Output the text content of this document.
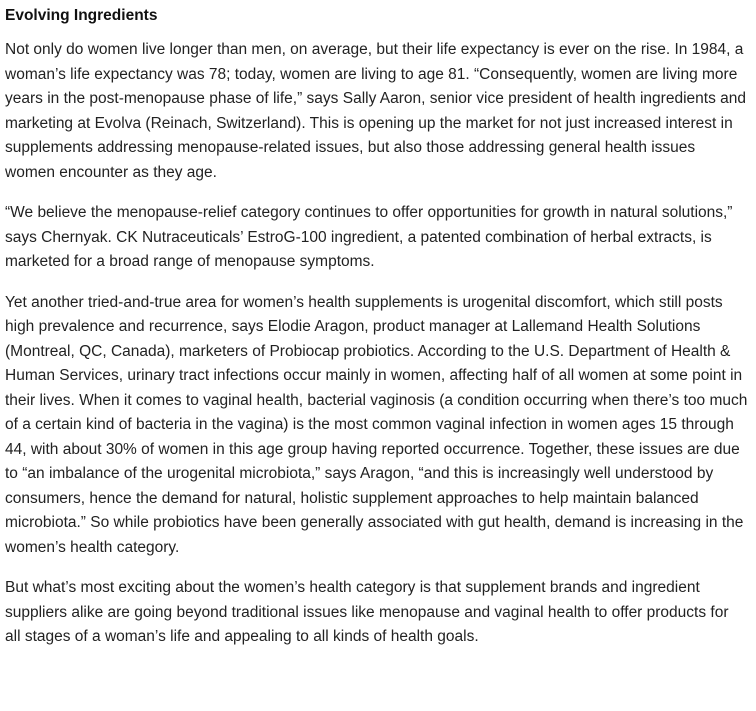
Evolving Ingredients

Not only do women live longer than men, on average, but their life expectancy is ever on the rise. In 1984, a woman’s life expectancy was 78; today, women are living to age 81. “Consequently, women are living more years in the post-menopause phase of life,” says Sally Aaron, senior vice president of health ingredients and marketing at Evolva (Reinach, Switzerland). This is opening up the market for not just increased interest in supplements addressing menopause-related issues, but also those addressing general health issues women encounter as they age.

“We believe the menopause-relief category continues to offer opportunities for growth in natural solutions,” says Chernyak. CK Nutraceuticals’ EstroG-100 ingredient, a patented combination of herbal extracts, is marketed for a broad range of menopause symptoms.

Yet another tried-and-true area for women’s health supplements is urogenital discomfort, which still posts high prevalence and recurrence, says Elodie Aragon, product manager at Lallemand Health Solutions (Montreal, QC, Canada), marketers of Probiocap probiotics. According to the U.S. Department of Health & Human Services, urinary tract infections occur mainly in women, affecting half of all women at some point in their lives. When it comes to vaginal health, bacterial vaginosis (a condition occurring when there’s too much of a certain kind of bacteria in the vagina) is the most common vaginal infection in women ages 15 through 44, with about 30% of women in this age group having reported occurrence. Together, these issues are due to “an imbalance of the urogenital microbiota,” says Aragon, “and this is increasingly well understood by consumers, hence the demand for natural, holistic supplement approaches to help maintain balanced microbiota.” So while probiotics have been generally associated with gut health, demand is increasing in the women’s health category.

But what’s most exciting about the women’s health category is that supplement brands and ingredient suppliers alike are going beyond traditional issues like menopause and vaginal health to offer products for all stages of a woman’s life and appealing to all kinds of health goals.
